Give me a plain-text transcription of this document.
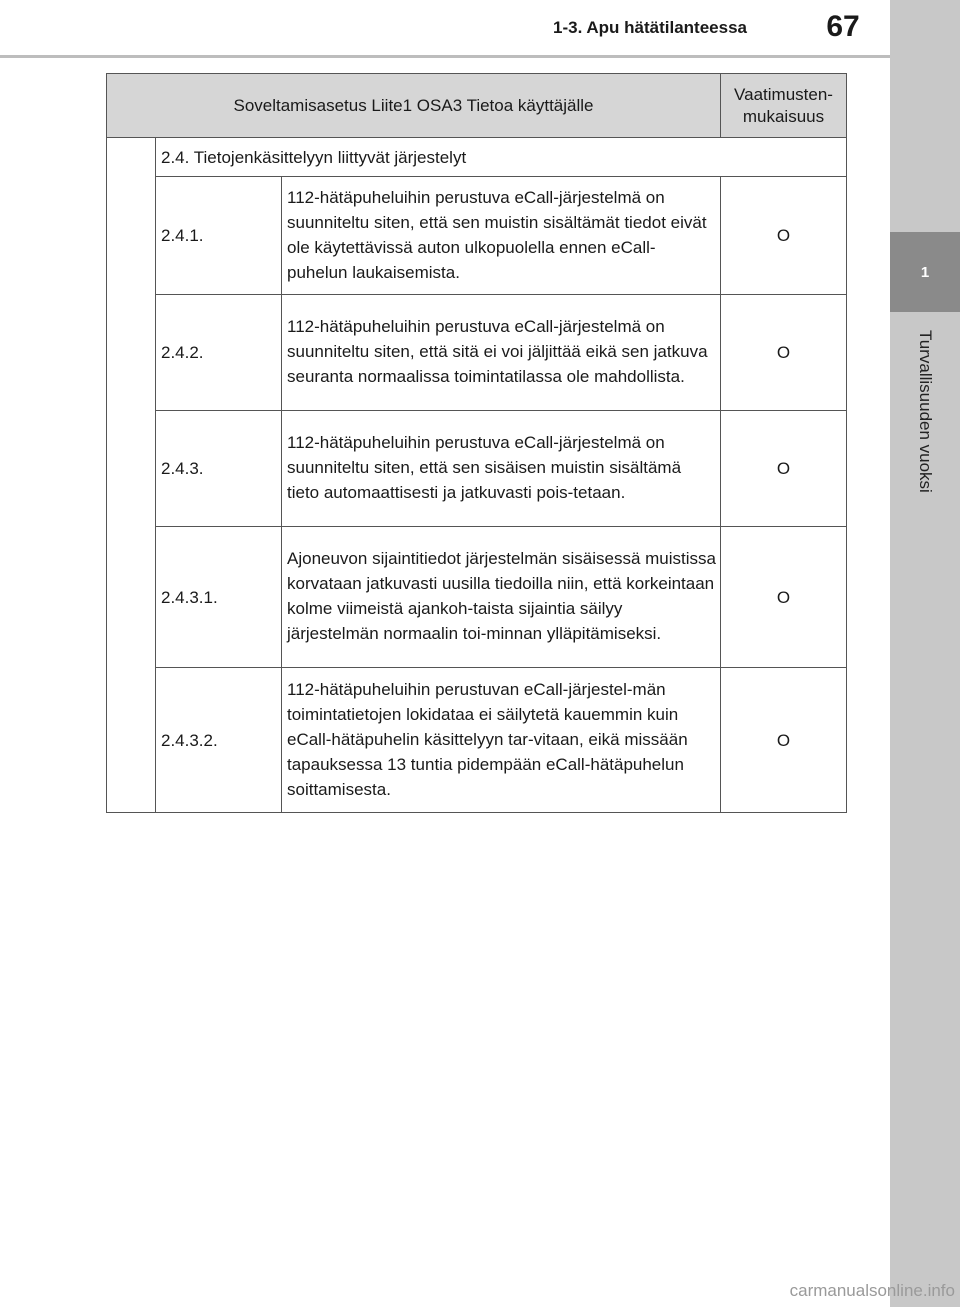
1-3. Apu hätätilanteessa	67
1
Turvallisuuden vuoksi
Soveltamisasetus Liite1 OSA3 Tietoa käyttäjälle			Vaatimusten-
mukaisuus
	2.4. Tietojenkäsittelyyn liittyvät järjestelyt		
	2.4.1.	112-hätäpuheluihin perustuva eCall-järjestelmä on suunniteltu siten, että sen muistin sisältämät tiedot eivät ole käytettävissä auton ulkopuolella ennen eCall-puhelun laukaisemista.	O
	2.4.2.	112-hätäpuheluihin perustuva eCall-järjestelmä on suunniteltu siten, että sitä ei voi jäljittää eikä sen jatkuva seuranta normaalissa toimintatilassa ole mahdollista.	O
	2.4.3.	112-hätäpuheluihin perustuva eCall-järjestelmä on suunniteltu siten, että sen sisäisen muistin sisältämä tieto automaattisesti ja jatkuvasti pois-tetaan.	O
	2.4.3.1.	Ajoneuvon sijaintitiedot järjestelmän sisäisessä muistissa korvataan jatkuvasti uusilla tiedoilla niin, että korkeintaan kolme viimeistä ajankoh-taista sijaintia säilyy järjestelmän normaalin toi-minnan ylläpitämiseksi.	O
	2.4.3.2.	112-hätäpuheluihin perustuvan eCall-järjestel-män toimintatietojen lokidataa ei säilytetä kauemmin kuin eCall-hätäpuhelin käsittelyyn tar-vitaan, eikä missään tapauksessa 13 tuntia pidempään eCall-hätäpuhelun soittamisesta.	O
carmanualsonline.info
